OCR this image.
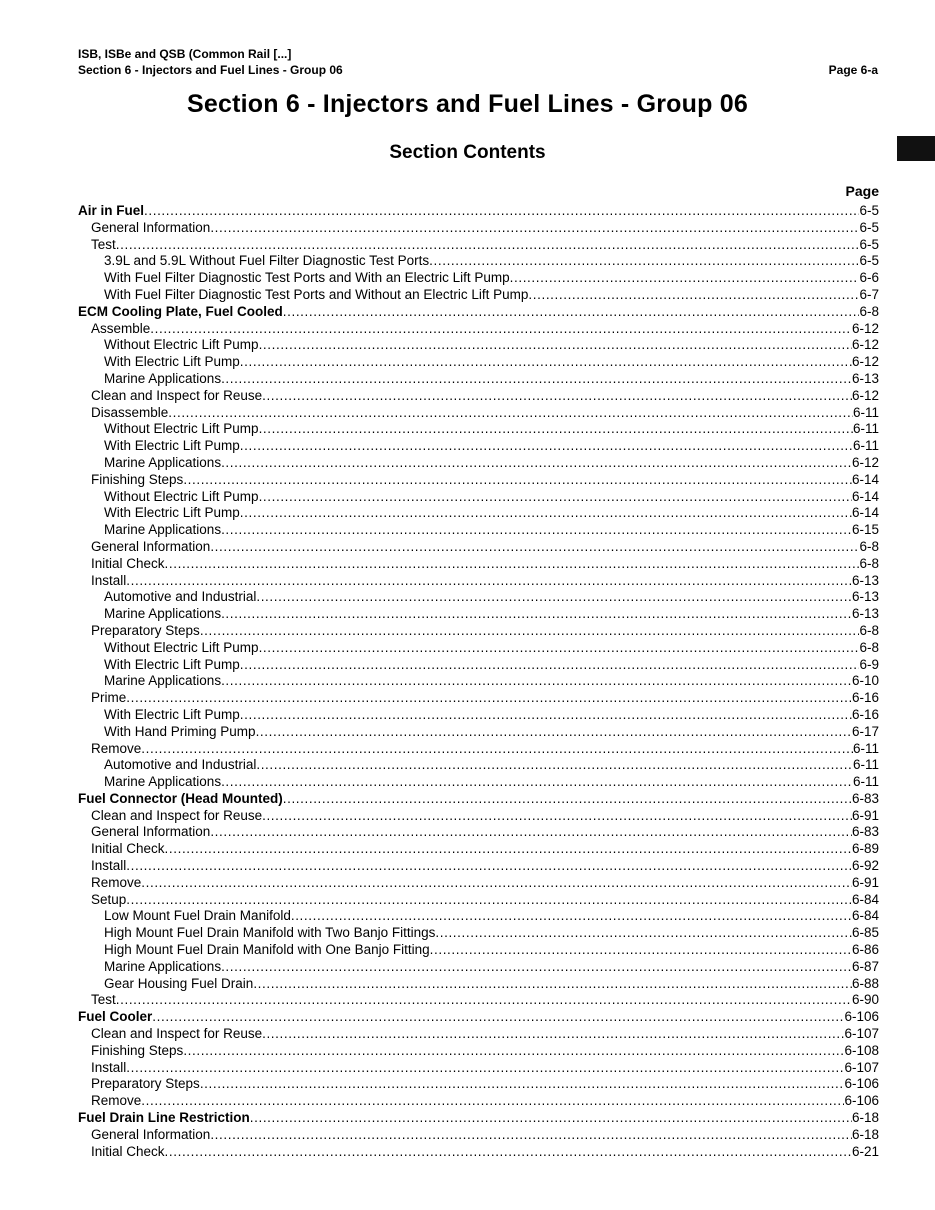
ISB, ISBe and QSB (Common Rail [...]
Section 6 - Injectors and Fuel Lines - Group 06	Page 6-a
Section 6 - Injectors and Fuel Lines - Group 06
Section Contents
Page
Air in Fuel .....	6-5
General Information .....	6-5
Test .....	6-5
3.9L and 5.9L Without Fuel Filter Diagnostic Test Ports .....	6-5
With Fuel Filter Diagnostic Test Ports and With an Electric Lift Pump .....	6-6
With Fuel Filter Diagnostic Test Ports and Without an Electric Lift Pump .....	6-7
ECM Cooling Plate, Fuel Cooled .....	6-8
Assemble .....	6-12
Without Electric Lift Pump .....	6-12
With Electric Lift Pump .....	6-12
Marine Applications .....	6-13
Clean and Inspect for Reuse .....	6-12
Disassemble .....	6-11
Without Electric Lift Pump .....	6-11
With Electric Lift Pump .....	6-11
Marine Applications .....	6-12
Finishing Steps .....	6-14
Without Electric Lift Pump .....	6-14
With Electric Lift Pump .....	6-14
Marine Applications .....	6-15
General Information .....	6-8
Initial Check .....	6-8
Install .....	6-13
Automotive and Industrial .....	6-13
Marine Applications .....	6-13
Preparatory Steps .....	6-8
Without Electric Lift Pump .....	6-8
With Electric Lift Pump .....	6-9
Marine Applications .....	6-10
Prime .....	6-16
With Electric Lift Pump .....	6-16
With Hand Priming Pump .....	6-17
Remove .....	6-11
Automotive and Industrial .....	6-11
Marine Applications .....	6-11
Fuel Connector (Head Mounted) .....	6-83
Clean and Inspect for Reuse .....	6-91
General Information .....	6-83
Initial Check .....	6-89
Install .....	6-92
Remove .....	6-91
Setup .....	6-84
Low Mount Fuel Drain Manifold .....	6-84
High Mount Fuel Drain Manifold with Two Banjo Fittings .....	6-85
High Mount Fuel Drain Manifold with One Banjo Fitting .....	6-86
Marine Applications .....	6-87
Gear Housing Fuel Drain .....	6-88
Test .....	6-90
Fuel Cooler .....	6-106
Clean and Inspect for Reuse .....	6-107
Finishing Steps .....	6-108
Install .....	6-107
Preparatory Steps .....	6-106
Remove .....	6-106
Fuel Drain Line Restriction .....	6-18
General Information .....	6-18
Initial Check .....	6-21
